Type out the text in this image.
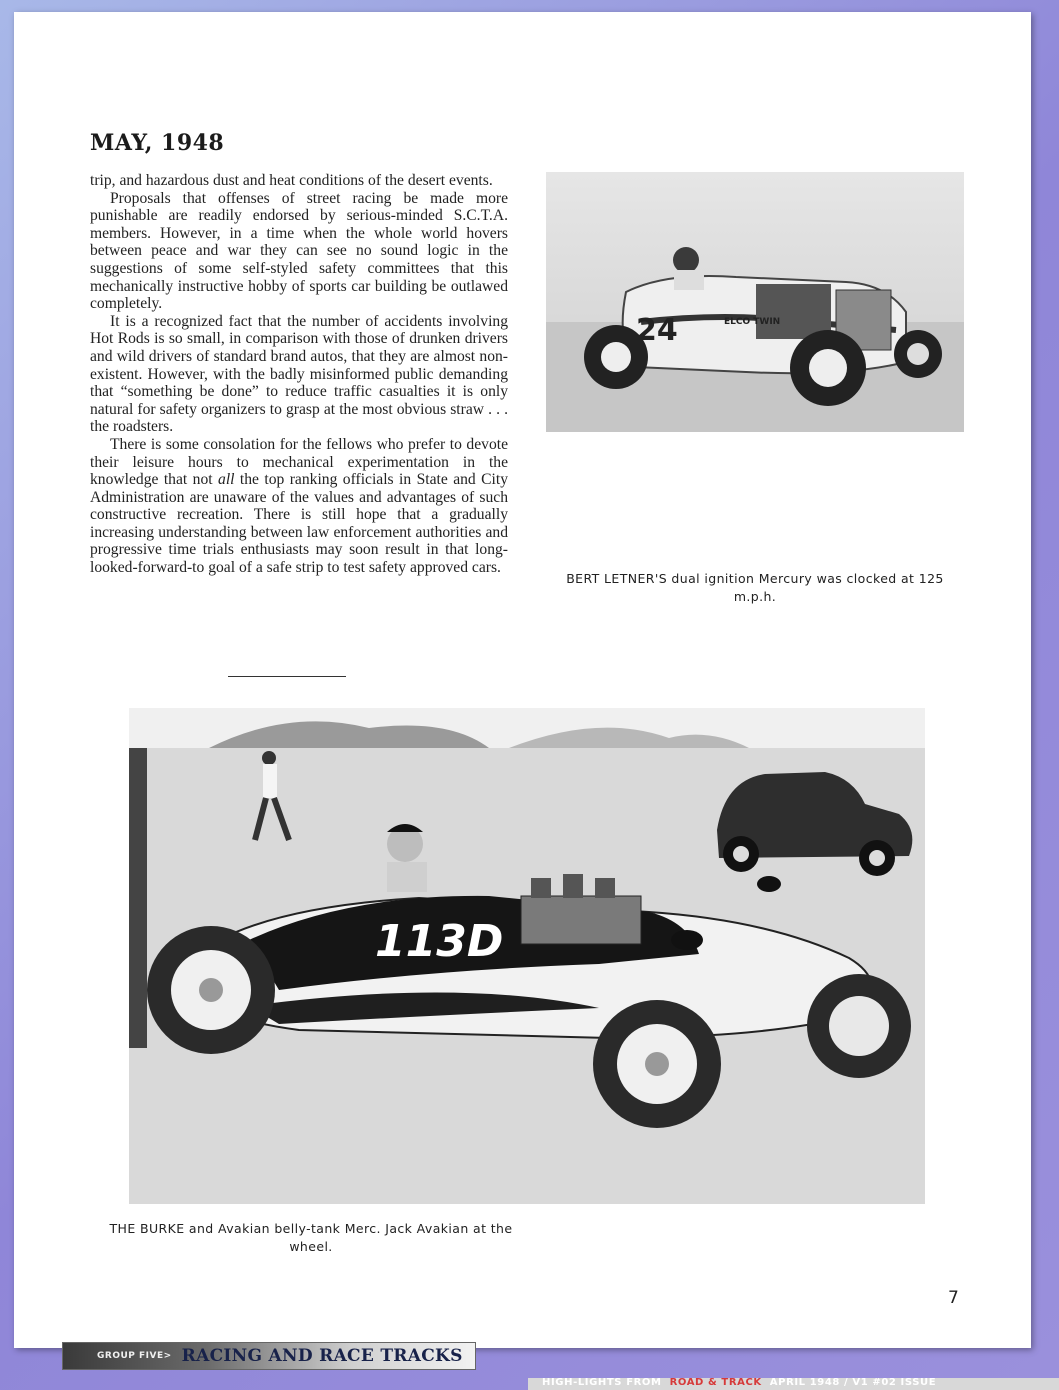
MAY, 1948

trip, and hazardous dust and heat conditions of the desert events.

Proposals that offenses of street racing be made more punishable are readily endorsed by serious-minded S.C.T.A. members. However, in a time when the whole world hovers between peace and war they can see no sound logic in the suggestions of some self-styled safety committees that this mechanically instructive hobby of sports car building be outlawed completely.

It is a recognized fact that the number of accidents involving Hot Rods is so small, in comparison with those of drunken drivers and wild drivers of standard brand autos, that they are almost non-existent. However, with the badly misinformed public demanding that “something be done” to reduce traffic casualties it is only natural for safety organizers to grasp at the most obvious straw . . . the roadsters.

There is some consolation for the fellows who prefer to devote their leisure hours to mechanical experimentation in the knowledge that not all the top ranking officials in State and City Administration are unaware of the values and advantages of such constructive recreation. There is still hope that a gradually increasing understanding between law enforcement authorities and progressive time trials enthusiasts may soon result in that long-looked-forward-to goal of a safe strip to test safety approved cars.

24	ELCO TWIN
BERT LETNER'S dual ignition Mercury was clocked at 125 m.p.h.
113D
THE BURKE and Avakian belly-tank Merc. Jack Avakian at the wheel.
7
GROUP FIVE> RACING AND RACE TRACKS
HIGH-LIGHTS FROM ROAD & TRACK APRIL 1948 / V1 #02 ISSUE
